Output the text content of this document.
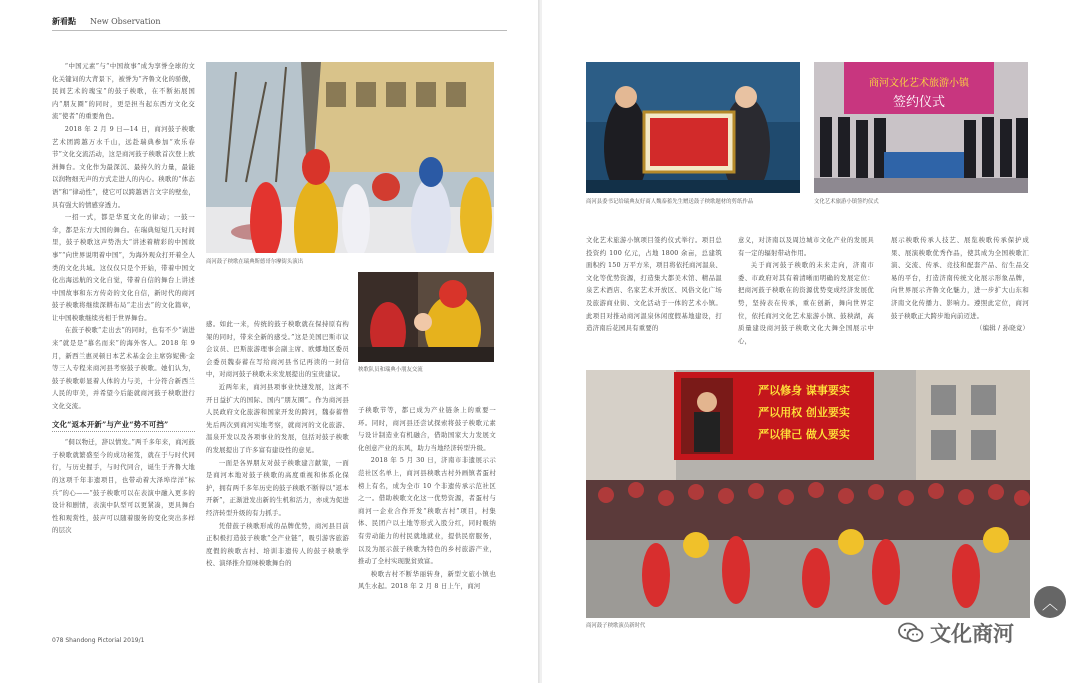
新看點 New Observation

“中国元素”与“中国故事”成为享誉全球的文化关键词的大背景下，被誉为“齐鲁文化的骄傲，民间艺术的瑰宝”的鼓子秧歌，在不断拓展国内“朋友圈”的同时，更是担当起东西方文化交流“使者”的重要角色。

2018 年 2 月 9 日—14 日，商河鼓子秧歌艺术团跨越万水千山，远赴瑞典参加“欢乐春节”文化交流活动，这是商河鼓子秧歌首次登上欧洲舞台。文化作为最深沉、最持久的力量，最能以润物细无声的方式走进人的内心。秧歌的“体态语”和“律动性”，使它可以跨越语言文字的壁垒，具有强大的情感穿透力。

一招一式，都是华夏文化的律动；一鼓一伞，都是东方大国的舞台。在瑞典短短几天时间里，鼓子秧歌这声势浩大“讲述着精彩的中国故事”“向世界说明着中国”，为海外观众打开着全人类的文化共域。这仅仅只是个开始，带着中国文化出海远航的文化自觉，带着自信的舞台上讲述中国故事和东方传奇的文化自信，新时代的商河鼓子秧歌将继续深耕布局“走出去”的文化篇章，让中国秧歌继续亮相于世界舞台。

在鼓子秧歌“走出去”的同时，也有不少“请进来”就是是“慕名而来”的海外客人。2018 年 9 月，新西兰惠灵顿日本艺术基金会主席弥妮佛·金等三人专程来商河县考察鼓子秧歌。她们认为，鼓子秧歌彰显着人体的力与美，十分符合新西兰人民的审美，并希望今后能就商河鼓子秧歌进行文化交流。

文化“返本开新”与产业“势不可挡”

“侗以物迁，辞以情发。”两千多年来，商河鼓子秧歌就繁盛至今的成功秘笈，就在于与时代同行，与历史握手，与时代同合，诞生于齐鲁大地的这项千年非遗项目，也带动着大泽埠岸洋“标兵”的心——“鼓子秧歌可以在表演中融入更多的设计和剧情，表演中队型可以更紧凑，更具舞台性和观赏性，鼓声可以随着服务的变化突出多样的层次

商河鼓子秧歌在瑞典斯德哥尔摩街头演出
秧歌队员和瑞典小朋友交流

感。如此一来，传统的鼓子秧歌就在保持原有构架的同时，带来全新的感受。”这是美国巴斯市议会议员、巴斯旅游理事会副主席、欧娜地区委员会委员魏泰蓄在写给商河县书记再读的一封信中，对商河鼓子秧歌未来发展提出的宝贵建议。

近两年来，商河县项事业快速发展，这离不开日益扩大的国际、国内“朋友圈”。作为商河县人民政府文化旅游和国家开发的跨河，魏泰蓄曾先后两次到商河实地考察，就商河的文化旅游、温泉开发以及各项事业的发展，包括对鼓子秧歌的发展提出了许多富有建设性的意见。

一面是各界朋友对鼓子秧歌建言献策，一面是商河本地对鼓子秧歌的高度重视和体系化保护，拥有两千多年历史的鼓子秧歌不断得以“返本开新”，正渐进发出新的生机和活力，亦成为促进经济转型升级的有力抓手。

凭借鼓子秧歌形成的品牌优势，商河县目前正积极打造鼓子秧歌“全产业链”，吸引游客旅游度假的秧歌古村、培训非遗传人的鼓子秧歌学校、演绎推介原味秧歌舞台的

子秧歌节等，都已成为产业链条上的重要一环。同时，商河县还尝试探索将鼓子秧歌元素与设计制造业有机融合，借助国家大力发展文化创意产业的东风，助力当地经济转型升级。

2018 年 5 月 30 日，济南市非遗展示示范社区名单上，商河县秧歌古村外画镇者蛋村榜上有名，成为全市 10 个非遗传承示范社区之一。借助秧歌文化这一优势资源，者蛋村与商河一企业合作开发“秧歌古村”项目，村集体、民团户以土地等形式入股分红，同时吸纳有劳动能力的村民就地就业，提供民宿服务，以及为展示鼓子秧歌为特色的乡村旅游产业，推动了全村实现脱贫致富。

秧歌古村不断华丽转身，新型文旅小镇也风生水起。2018 年 2 月 8 日上午，商河

078 Shandong Pictorial 2019/1
商河县委书记给瑞典友好商人魏泰蓄先生赠送鼓子秧歌题材的剪纸作品
商河文化艺术旅游小镇
签约仪式
文化艺术旅游小镇签约仪式

文化艺术旅游小镇项目签约仪式举行。项目总投资约 100 亿元，占地 1800 余亩，总建筑面积约 150 万平方米，项目将依托商河温泉、文化等优势资源，打造集大都美术馆、精品温泉艺术酒店、名家艺术开放区、风俗文化广场及旅游商业街、文化活动于一体的艺术小镇。此项目对推动商河温泉休闲度假基地建设，打造济南后花园具有重要的

意义，对济南以及周边城市文化产业的发展具有一定的辐射带动作用。

关于商河鼓子秧歌的未来走向，济南市委、市政府对其有着清晰而明确的发展定位：把商河鼓子秧歌在的资源优势变成经济发展优势，坚持表在传承，重在创新，舞向世界定位，依托商河文化艺术旅游小镇、鼓秧湖，高质量建设商河鼓子秧歌文化大舞全国展示中心，

展示秧歌传承人技艺、展览秧歌传承保护成果、展演秧歌优秀作品，使其成为全国秧歌汇演、交流、传承、竞技和配套产品、衍生品交易的平台，打造济南传统文化展示形象品牌，向世界展示齐鲁文化魅力，进一步扩大山东和济南文化传播力、影响力。遵照此定位，商河鼓子秧歌正大跨步地向前迈进。

（编辑 / 孙晓竟）

严以修身 谋事要实
严以用权 创业要实
严以律己 做人要实
商河鼓子秧歌演员新时代
︿
文化商河
